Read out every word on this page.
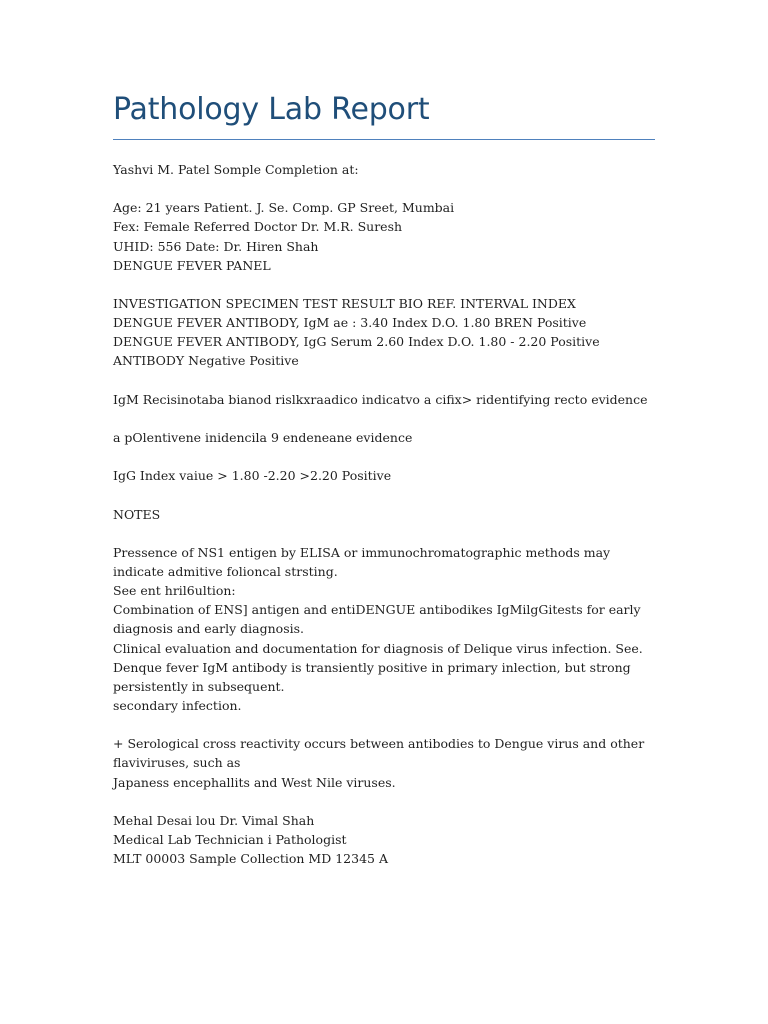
Pathology Lab Report
Yashvi M. Patel Somple Completion at:
Age: 21 years Patient. J. Se. Comp. GP Sreet, Mumbai
Fex: Female Referred Doctor Dr. M.R. Suresh
UHID: 556 Date: Dr. Hiren Shah
DENGUE FEVER PANEL
INVESTIGATION SPECIMEN TEST RESULT BIO REF. INTERVAL INDEX
DENGUE FEVER ANTIBODY, IgM ae : 3.40 Index D.O. 1.80 BREN Positive
DENGUE FEVER ANTIBODY, IgG Serum 2.60 Index D.O. 1.80 - 2.20 Positive
ANTIBODY Negative Positive
IgM Recisinotaba bianod rislkxraadico indicatvo a cifix> ridentifying recto evidence
a pOlentivene inidencila 9 endeneane evidence
IgG Index vaiue > 1.80 -2.20 >2.20 Positive
NOTES
Pressence of NS1 entigen by ELISA or immunochromatographic methods may indicate admitive folioncal strsting.
See ent hril6ultion:
Combination of ENS] antigen and entiDENGUE antibodikes IgMilgGitests for early diagnosis and early diagnosis.
Clinical evaluation and documentation for diagnosis of Delique virus infection. See.
Denque fever IgM antibody is transiently positive in primary inlection, but strong persistently in subsequent.
secondary infection.
+ Serological cross reactivity occurs between antibodies to Dengue virus and other flaviviruses, such as
Japaness encephallits and West Nile viruses.
Mehal Desai lou Dr. Vimal Shah
Medical Lab Technician i Pathologist
MLT 00003 Sample Collection MD 12345 A
